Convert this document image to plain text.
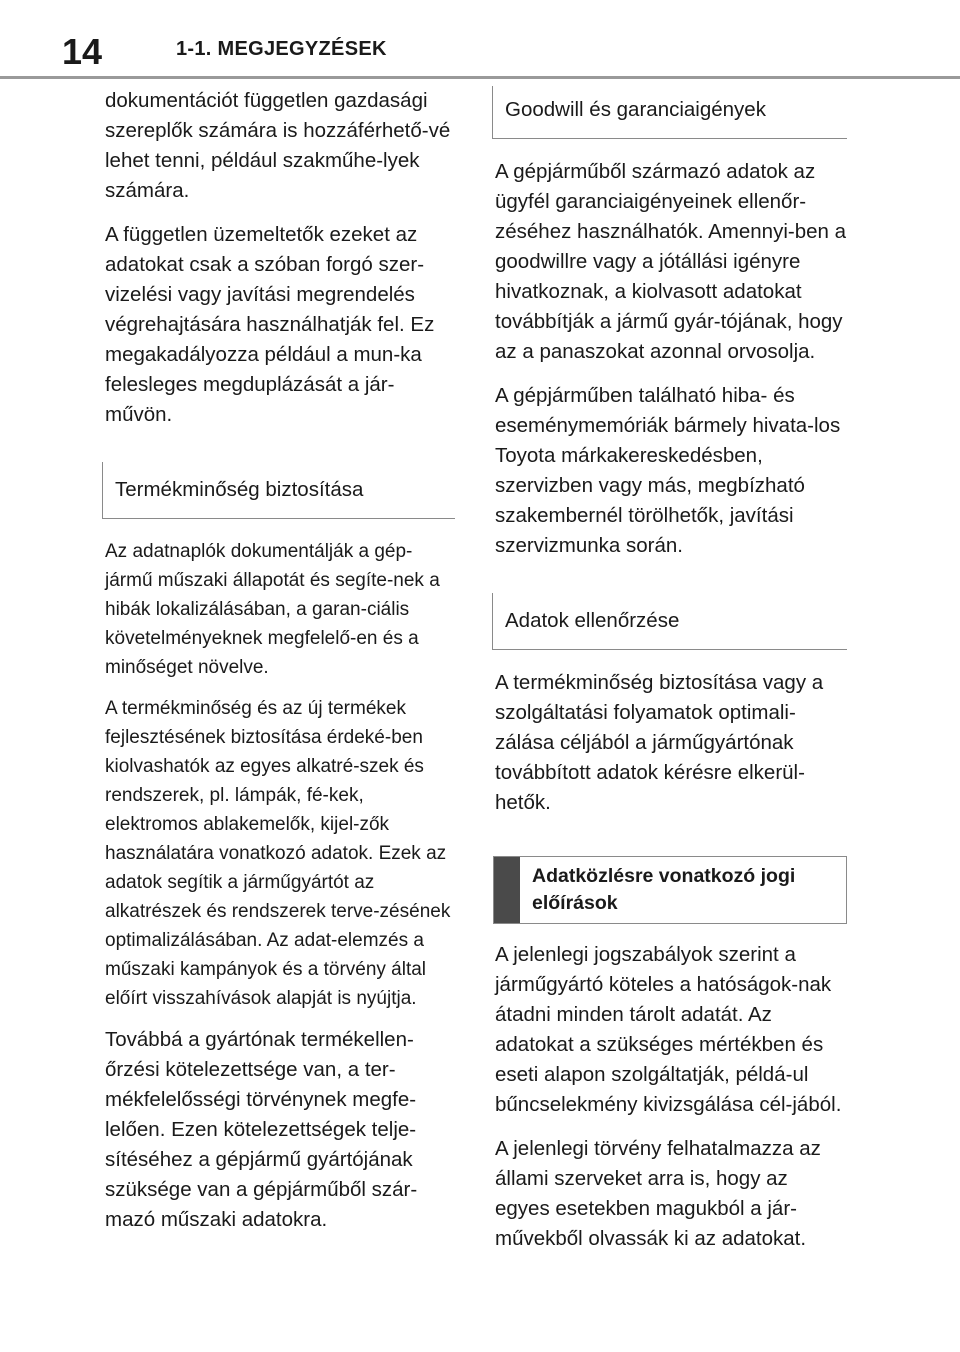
14	1-1. MEGJEGYZÉSEK

dokumentációt független gazdasági szereplők számára is hozzáférhető-vé lehet tenni, például szakműhe-lyek számára.

A független üzemeltetők ezeket az adatokat csak a szóban forgó szer-vizelési vagy javítási megrendelés végrehajtására használhatják fel. Ez megakadályozza például a mun-ka felesleges megduplázását a jár-művön.

Termékminőség biztosítása

Az adatnaplók dokumentálják a gép-jármű műszaki állapotát és segíte-nek a hibák lokalizálásában, a garan-ciális követelményeknek megfelelő-en és a minőséget növelve.

A termékminőség és az új termékek fejlesztésének biztosítása érdeké-ben kiolvashatók az egyes alkatré-szek és rendszerek, pl. lámpák, fé-kek, elektromos ablakemelők, kijel-zők használatára vonatkozó adatok. Ezek az adatok segítik a járműgyártót az alkatrészek és rendszerek terve-zésének optimalizálásában. Az adat-elemzés a műszaki kampányok és a törvény által előírt visszahívások alapját is nyújtja.

Továbbá a gyártónak termékellen-őrzési kötelezettsége van, a ter-mékfelelősségi törvénynek megfe-lelően. Ezen kötelezettségek telje-sítéséhez a gépjármű gyártójának szüksége van a gépjárműből szár-mazó műszaki adatokra.

Goodwill és garanciaigények

A gépjárműből származó adatok az ügyfél garanciaigényeinek ellenőr-zéséhez használhatók. Amennyi-ben a goodwillre vagy a jótállási igényre hivatkoznak, a kiolvasott adatokat továbbítják a jármű gyár-tójának, hogy az a panaszokat azonnal orvosolja.

A gépjárműben található hiba- és eseménymemóriák bármely hivata-los Toyota márkakereskedésben, szervizben vagy más, megbízható szakembernél törölhetők, javítási szervizmunka során.

Adatok ellenőrzése

A termékminőség biztosítása vagy a szolgáltatási folyamatok optimali-zálása céljából a járműgyártónak továbbított adatok kérésre elkerül-hetők.

Adatközlésre vonatkozó jogi előírások

A jelenlegi jogszabályok szerint a járműgyártó köteles a hatóságok-nak átadni minden tárolt adatát. Az adatokat a szükséges mértékben és eseti alapon szolgáltatják, példá-ul bűncselekmény kivizsgálása cél-jából.

A jelenlegi törvény felhatalmazza az állami szerveket arra is, hogy az egyes esetekben magukból a jár-művekből olvassák ki az adatokat.
